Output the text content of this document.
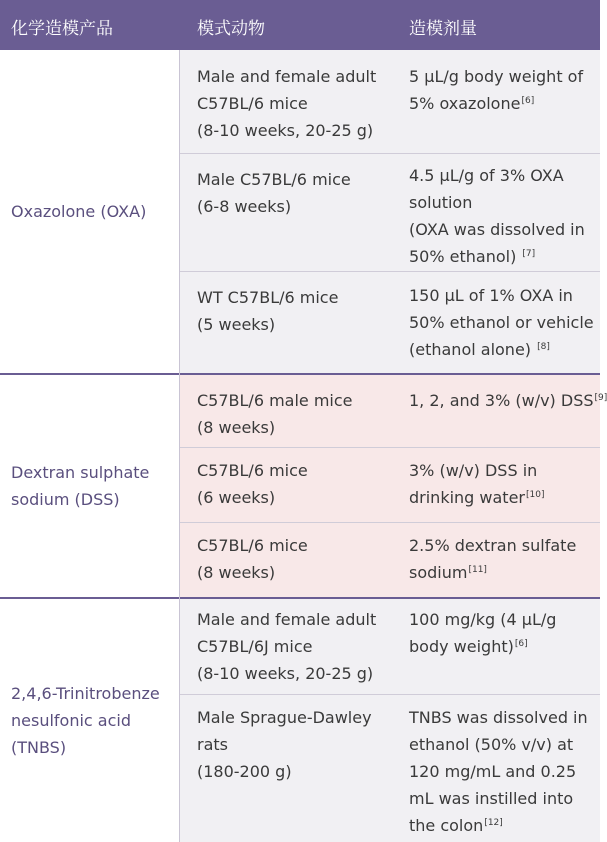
化学造模产品	模式动物	造模剂量
Oxazolone (OXA)
Dextran sulphate sodium (DSS)
2,4,6-Trinitrobenze nesulfonic acid (TNBS)
Male and female adult
C57BL/6 mice
(8-10 weeks, 20-25 g)
5 μL/g body weight of
5% oxazolone[6]
Male C57BL/6 mice
(6-8 weeks)
4.5 μL/g of 3% OXA
solution
(OXA was dissolved in
50% ethanol) [7]
WT C57BL/6 mice
(5 weeks)
150 μL of 1% OXA in
50% ethanol or vehicle
(ethanol alone) [8]
C57BL/6 male mice
(8 weeks)
1, 2, and 3% (w/v) DSS[9]
C57BL/6 mice
(6 weeks)
3% (w/v) DSS in
drinking water[10]
C57BL/6 mice
(8 weeks)
2.5% dextran sulfate
sodium[11]
Male and female adult
C57BL/6J mice
(8-10 weeks, 20-25 g)
100 mg/kg (4 μL/g
body weight)[6]
Male Sprague-Dawley
rats
(180-200 g)
TNBS was dissolved in
ethanol (50% v/v) at
120 mg/mL and 0.25
mL was instilled into
the colon[12]
